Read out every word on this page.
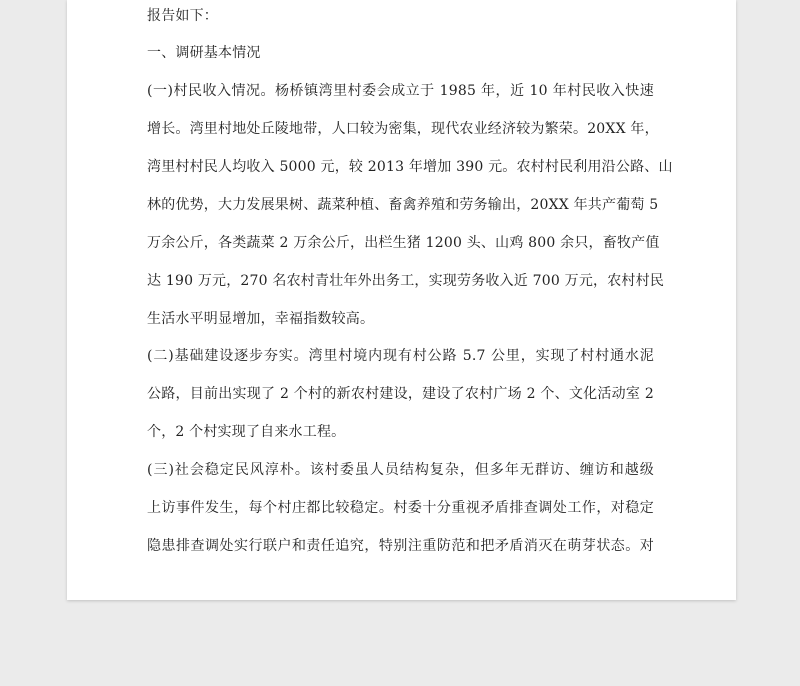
报告如下：
一、调研基本情况
(一)村民收入情况。杨桥镇湾里村委会成立于 1985 年，近 10 年村民收入快速
增长。湾里村地处丘陵地带，人口较为密集，现代农业经济较为繁荣。20XX 年，
湾里村村民人均收入 5000 元，较 2013 年增加 390 元。农村村民利用沿公路、山
林的优势，大力发展果树、蔬菜种植、畜禽养殖和劳务输出，20XX 年共产葡萄 5
万余公斤，各类蔬菜 2 万余公斤，出栏生猪 1200 头、山鸡 800 余只，畜牧产值
达 190 万元，270 名农村青壮年外出务工，实现劳务收入近 700 万元，农村村民
生活水平明显增加，幸福指数较高。
(二)基础建设逐步夯实。湾里村境内现有村公路 5.7 公里，实现了村村通水泥
公路，目前出实现了 2 个村的新农村建设，建设了农村广场 2 个、文化活动室 2
个，2 个村实现了自来水工程。
(三)社会稳定民风淳朴。该村委虽人员结构复杂，但多年无群访、缠访和越级
上访事件发生，每个村庄都比较稳定。村委十分重视矛盾排查调处工作，对稳定
隐患排查调处实行联户和责任追究，特别注重防范和把矛盾消灭在萌芽状态。对
